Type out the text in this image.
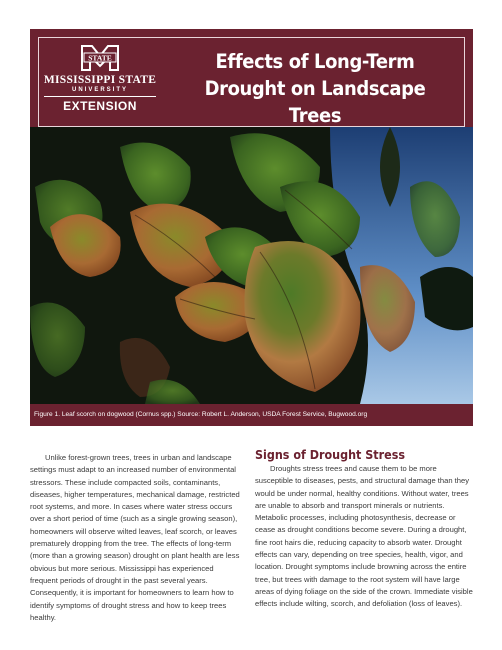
STATE
MISSISSIPPI STATE
UNIVERSITY
EXTENSION
Effects of Long-Term Drought on Landscape Trees
Figure 1. Leaf scorch on dogwood (Cornus spp.) Source: Robert L. Anderson, USDA Forest Service, Bugwood.org

Unlike forest-grown trees, trees in urban and landscape settings must adapt to an increased number of environmental stressors. These include compacted soils, contaminants, diseases, higher temperatures, mechanical damage, restricted root systems, and more. In cases where water stress occurs over a short period of time (such as a single growing season), homeowners will observe wilted leaves, leaf scorch, or leaves prematurely dropping from the tree. The effects of long-term (more than a growing season) drought on plant health are less obvious but more serious. Mississippi has experienced frequent periods of drought in the past several years. Consequently, it is important for homeowners to learn how to identify symptoms of drought stress and how to keep trees healthy.

Signs of Drought Stress

Droughts stress trees and cause them to be more susceptible to diseases, pests, and structural damage than they would be under normal, healthy conditions. Without water, trees are unable to absorb and transport minerals or nutrients. Metabolic processes, including photosynthesis, decrease or cease as drought conditions become severe. During a drought, fine root hairs die, reducing capacity to absorb water. Drought effects can vary, depending on tree species, health, vigor, and location. Drought symptoms include browning across the entire tree, but trees with damage to the root system will have large areas of dying foliage on the side of the crown. Immediate visible effects include wilting, scorch, and defoliation (loss of leaves).
